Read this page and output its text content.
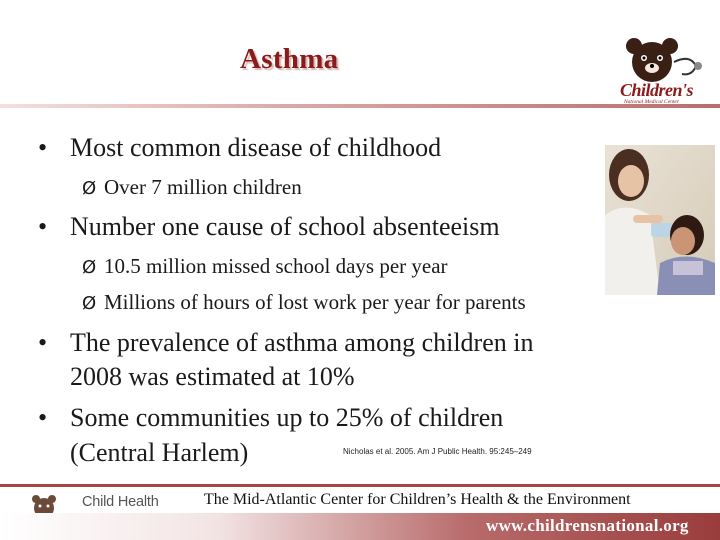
Asthma
Children's
National Medical Center
• Most common disease of childhood
Ø Over 7 million children
• Number one cause of school absenteeism
Ø 10.5 million missed school days per year
Ø Millions of hours of lost work per year for parents
• The prevalence of asthma among children in
2008 was estimated at 10%
• Some communities up to 25% of children
(Central Harlem)	Nicholas et al. 2005. Am J Public Health. 95:245–249
Child Health	The Mid-Atlantic Center for Children’s Health & the Environment
www.childrensnational.org
